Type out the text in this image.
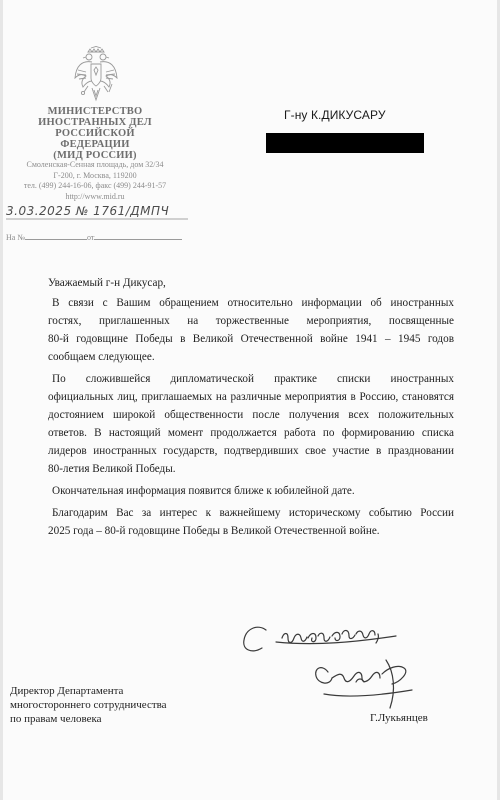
МИНИСТЕРСТВО
ИНОСТРАННЫХ ДЕЛ
РОССИЙСКОЙ ФЕДЕРАЦИИ
(МИД РОССИИ)
Смоленская-Сенная площадь, дом 32/34
Г-200, г. Москва, 119200
тел. (499) 244-16-06, факс (499) 244-91-57
http://www.mid.ru
3.03.2025 № 1761/ДМПЧ
На №	от
Г-ну К.ДИКУСАРУ

Уважаемый г-н Дикусар,

В связи с Вашим обращением относительно информации об иностранных
гостях, приглашенных на торжественные мероприятия, посвященные
80-й годовщине Победы в Великой Отечественной войне 1941 – 1945 годов
сообщаем следующее.

По сложившейся дипломатической практике списки иностранных
официальных лиц, приглашаемых на различные мероприятия в Россию, становятся
достоянием широкой общественности после получения всех положительных
ответов. В настоящий момент продолжается работа по формированию списка
лидеров иностранных государств, подтвердивших свое участие в праздновании
80-летия Великой Победы.

Окончательная информация появится ближе к юбилейной дате.

Благодарим Вас за интерес к важнейшему историческому событию России
2025 года – 80-й годовщине Победы в Великой Отечественной войне.

Директор Департамента
многостороннего сотрудничества
по правам человека	Г.Лукьянцев
